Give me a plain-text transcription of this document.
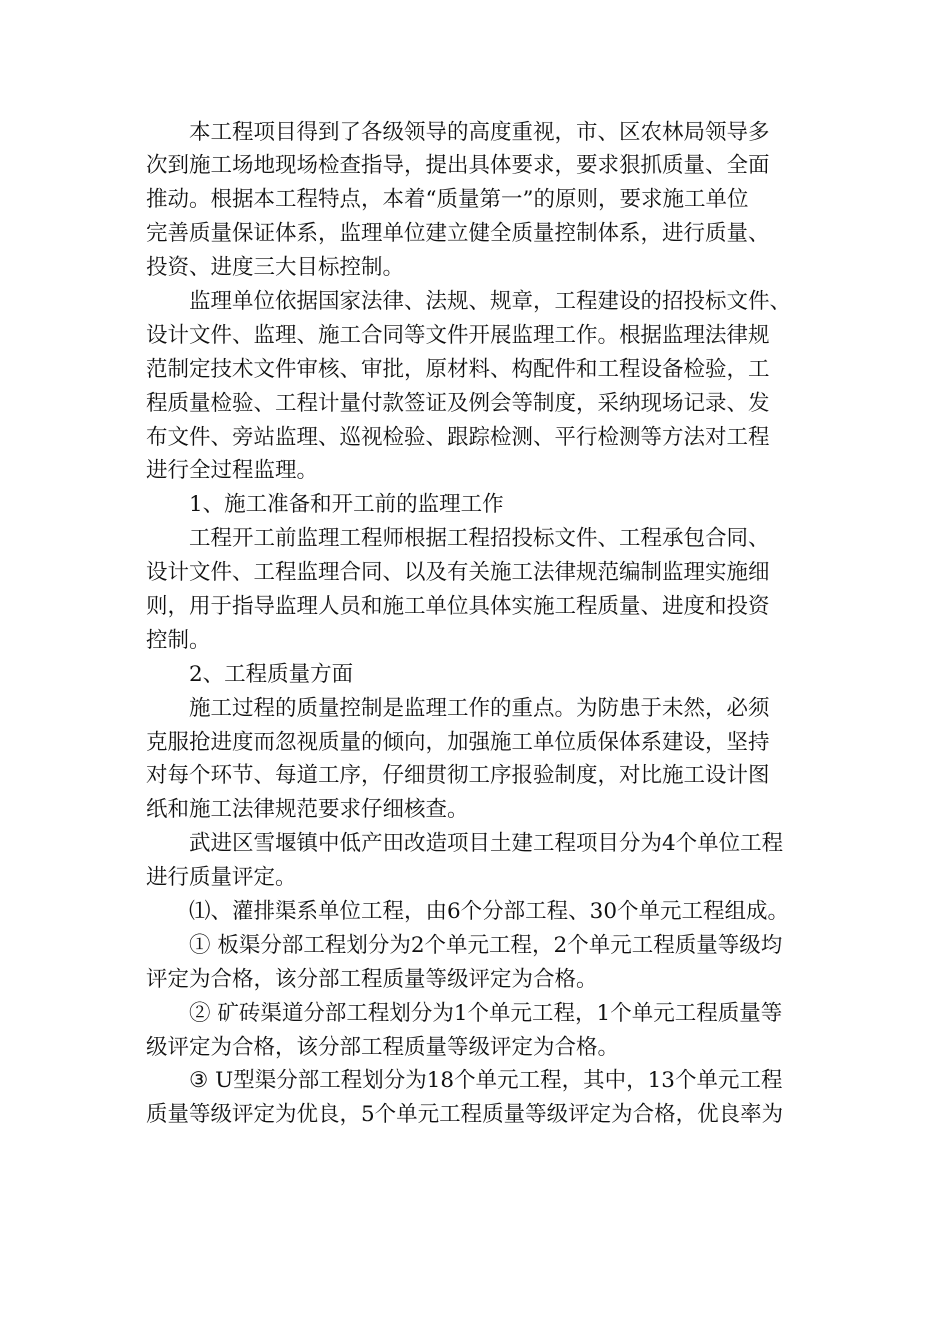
本工程项目得到了各级领导的高度重视，市、区农林局领导多
次到施工场地现场检查指导，提出具体要求，要求狠抓质量、全面
推动。根据本工程特点，本着“质量第一”的原则，要求施工单位
完善质量保证体系，监理单位建立健全质量控制体系，进行质量、
投资、进度三大目标控制。
监理单位依据国家法律、法规、规章，工程建设的招投标文件、
设计文件、监理、施工合同等文件开展监理工作。根据监理法律规
范制定技术文件审核、审批，原材料、构配件和工程设备检验，工
程质量检验、工程计量付款签证及例会等制度，采纳现场记录、发
布文件、旁站监理、巡视检验、跟踪检测、平行检测等方法对工程
进行全过程监理。
1、施工准备和开工前的监理工作
工程开工前监理工程师根据工程招投标文件、工程承包合同、
设计文件、工程监理合同、以及有关施工法律规范编制监理实施细
则，用于指导监理人员和施工单位具体实施工程质量、进度和投资
控制。
2、工程质量方面
施工过程的质量控制是监理工作的重点。为防患于未然，必须
克服抢进度而忽视质量的倾向，加强施工单位质保体系建设，坚持
对每个环节、每道工序，仔细贯彻工序报验制度，对比施工设计图
纸和施工法律规范要求仔细核查。
武进区雪堰镇中低产田改造项目土建工程项目分为4个单位工程
进行质量评定。
⑴、灌排渠系单位工程，由6个分部工程、30个单元工程组成。
① 板渠分部工程划分为2个单元工程，2个单元工程质量等级均
评定为合格，该分部工程质量等级评定为合格。
② 矿砖渠道分部工程划分为1个单元工程，1个单元工程质量等
级评定为合格，该分部工程质量等级评定为合格。
③ U型渠分部工程划分为18个单元工程，其中，13个单元工程
质量等级评定为优良，5个单元工程质量等级评定为合格，优良率为
